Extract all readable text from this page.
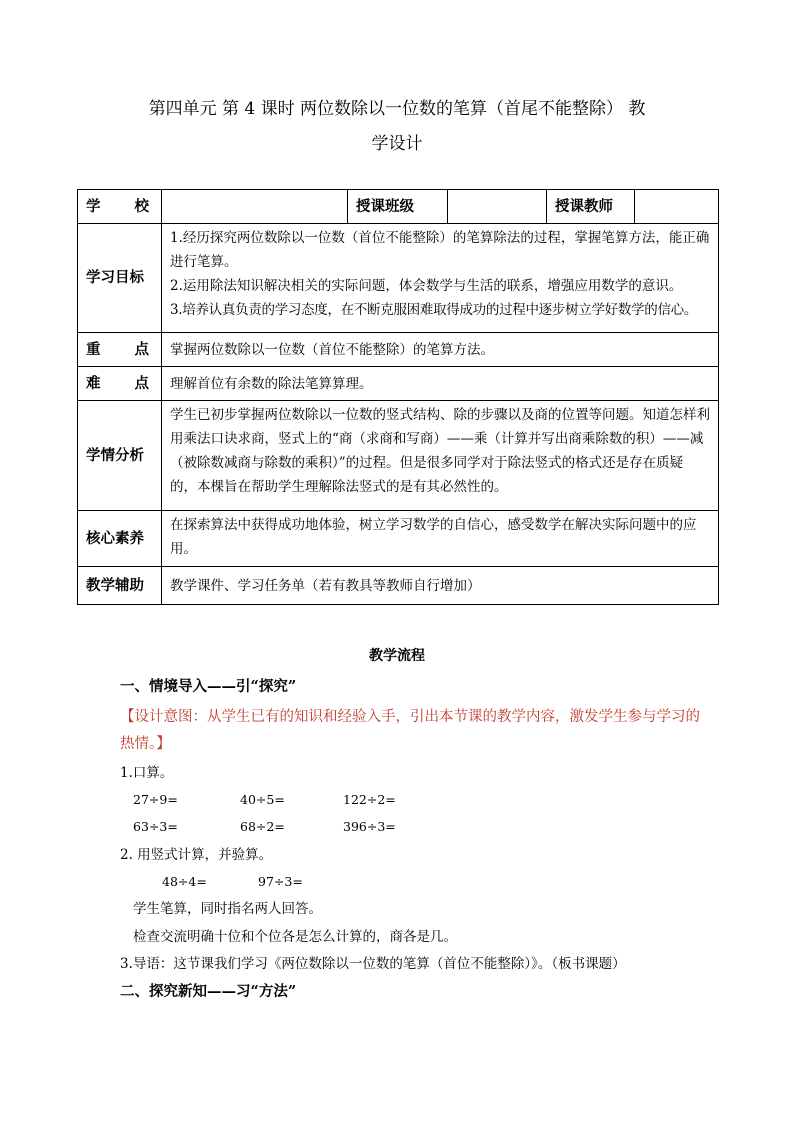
第四单元 第 4 课时 两位数除以一位数的笔算（首尾不能整除） 教
学设计
学 校		授课班级		授课教师	
学习目标	1.经历探究两位数除以一位数（首位不能整除）的笔算除法的过程，掌握笔算方法，能正确进行笔算。
2.运用除法知识解决相关的实际问题，体会数学与生活的联系，增强应用数学的意识。
3.培养认真负责的学习态度，在不断克服困难取得成功的过程中逐步树立学好数学的信心。				

重 点	掌握两位数除以一位数（首位不能整除）的笔算方法。				

难 点	理解首位有余数的除法笔算算理。				
学情分析	学生已初步掌握两位数除以一位数的竖式结构、除的步骤以及商的位置等问题。知道怎样利用乘法口诀求商，竖式上的“商（求商和写商）——乘（计算并写出商乘除数的积）——减（被除数减商与除数的乘积）”的过程。但是很多同学对于除法竖式的格式还是存在质疑的，本棵旨在帮助学生理解除法竖式的是有其必然性的。				
核心素养	在探索算法中获得成功地体验，树立学习数学的自信心，感受数学在解决实际问题中的应用。				
教学辅助	教学课件、学习任务单（若有教具等教师自行增加）				
教学流程
一、情境导入——引“探究”
【设计意图：从学生已有的知识和经验入手，引出本节课的教学内容，激发学生参与学习的
热情。】
1.口算。
27÷9=	40÷5=	122÷2=
63÷3=	68÷2=	396÷3=
2. 用竖式计算，并验算。
48÷4=	97÷3=
学生笔算，同时指名两人回答。
检查交流明确十位和个位各是怎么计算的，商各是几。
3.导语：这节课我们学习《两位数除以一位数的笔算（首位不能整除）》。（板书课题）
二、探究新知——习“方法”
